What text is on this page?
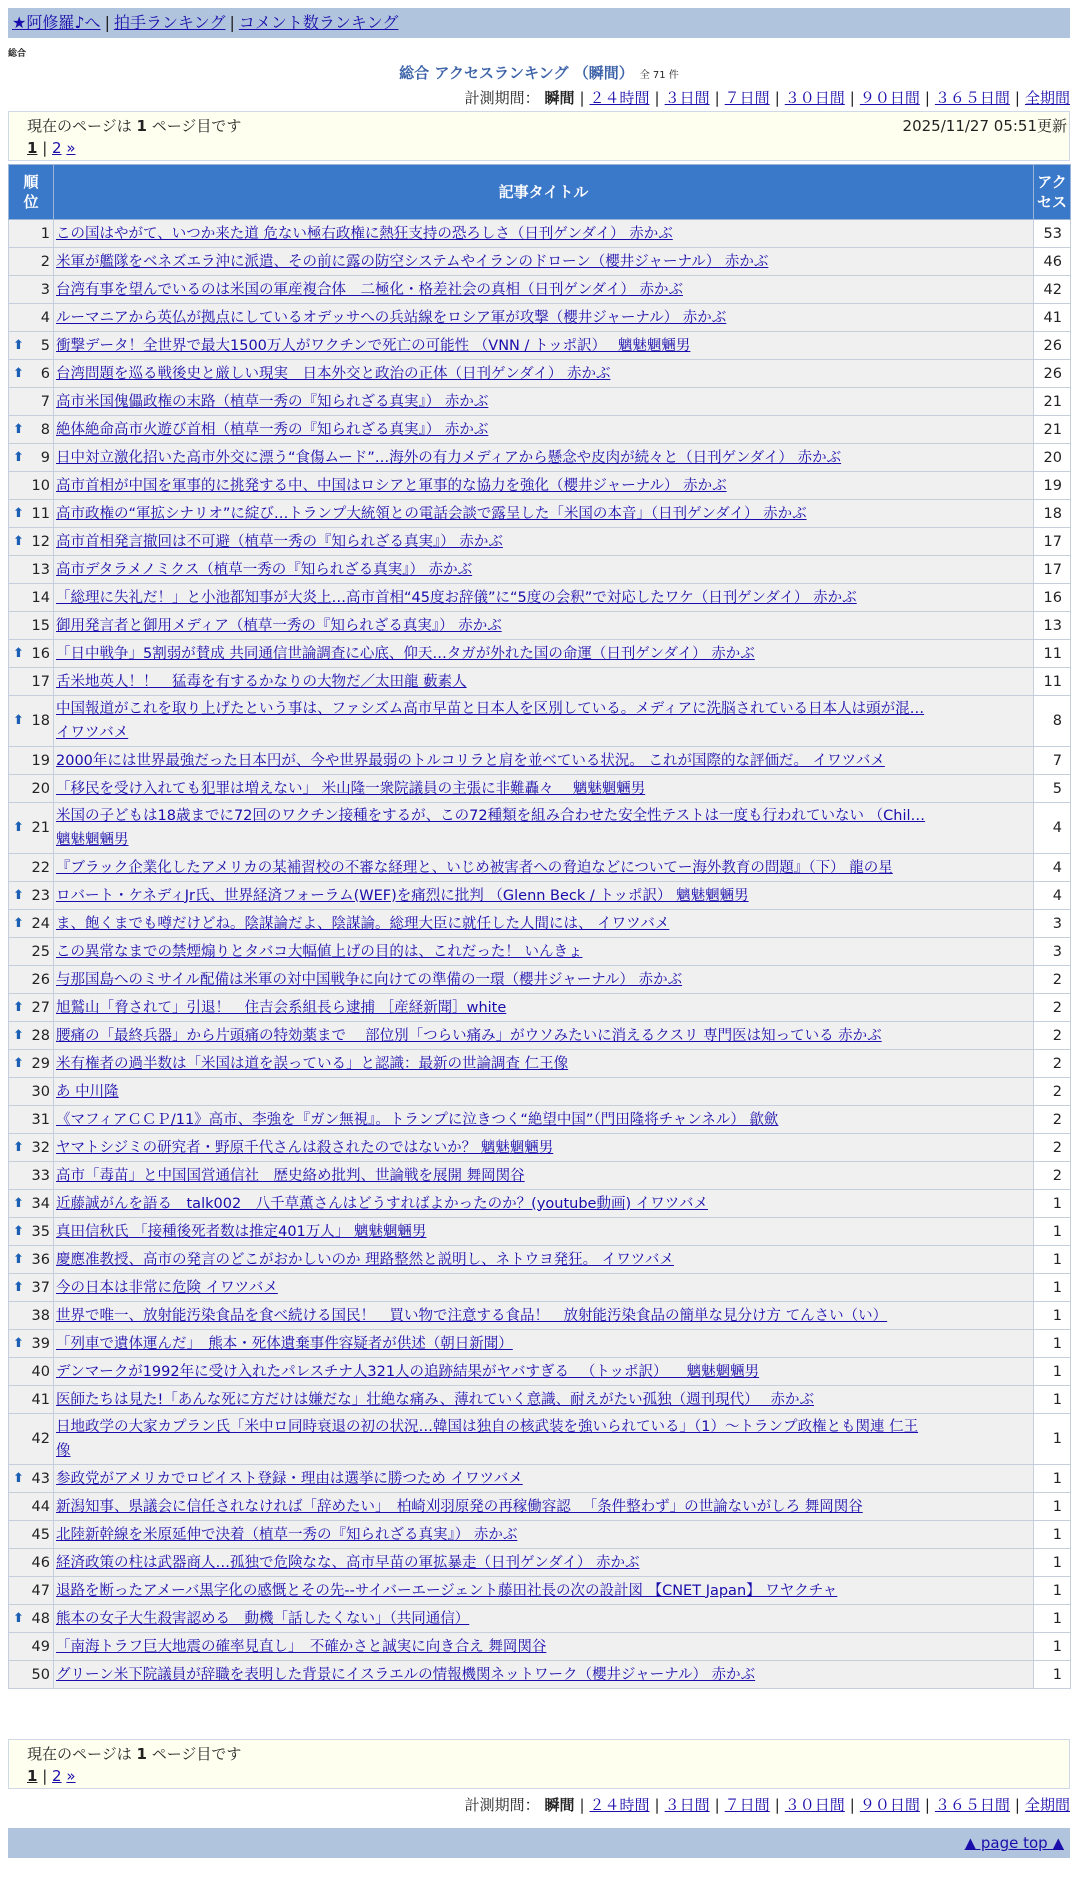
★阿修羅♪へ | 拍手ランキング | コメント数ランキング
総合
総合 アクセスランキング （瞬間） 全 71 件
計測期間： 瞬間 | ２４時間 | ３日間 | ７日間 | ３０日間 | ９０日間 | ３６５日間 | 全期間
現在のページは 1 ページ目です	2025/11/27 05:51更新
1 | 2 »
順位	記事タイトル	アクセス
1	この国はやがて、いつか来た道 危ない極右政権に熱狂支持の恐ろしさ（日刊ゲンダイ） 赤かぶ	53
2	米軍が艦隊をベネズエラ沖に派遣、その前に露の防空システムやイランのドローン（櫻井ジャーナル） 赤かぶ	46
3	台湾有事を望んでいるのは米国の軍産複合体　二極化・格差社会の真相（日刊ゲンダイ） 赤かぶ	42
4	ルーマニアから英仏が拠点にしているオデッサへの兵站線をロシア軍が攻撃（櫻井ジャーナル） 赤かぶ	41

⬆ 5	衝撃データ！全世界で最大1500万人がワクチンで死亡の可能性 （VNN / トッポ訳）　 魑魅魍魎男	26

⬆ 6	台湾問題を巡る戦後史と厳しい現実　日本外交と政治の正体（日刊ゲンダイ） 赤かぶ	26
7	高市米国傀儡政権の末路（植草一秀の『知られざる真実』） 赤かぶ	21

⬆ 8	絶体絶命高市火遊び首相（植草一秀の『知られざる真実』） 赤かぶ	21

⬆ 9	日中対立激化招いた高市外交に漂う“食傷ムード”…海外の有力メディアから懸念や皮肉が続々と（日刊ゲンダイ） 赤かぶ	20
10	高市首相が中国を軍事的に挑発する中、中国はロシアと軍事的な協力を強化（櫻井ジャーナル） 赤かぶ	19

⬆ 11	高市政権の“軍拡シナリオ”に綻び…トランプ大統領との電話会談で露呈した「米国の本音」（日刊ゲンダイ） 赤かぶ	18

⬆ 12	高市首相発言撤回は不可避（植草一秀の『知られざる真実』） 赤かぶ	17
13	高市デタラメノミクス（植草一秀の『知られざる真実』） 赤かぶ	17
14	「総理に失礼だ！」と小池都知事が大炎上…高市首相“45度お辞儀”に“5度の会釈”で対応したワケ（日刊ゲンダイ） 赤かぶ	16
15	御用発言者と御用メディア（植草一秀の『知られざる真実』） 赤かぶ	13

⬆ 16	「日中戦争」5割弱が賛成 共同通信世論調査に心底、仰天…タガが外れた国の命運（日刊ゲンダイ） 赤かぶ	11
17	舌米地英人！！　猛毒を有するかなりの大物だ／太田龍 藪素人	11

⬆ 18	中国報道がこれを取り上げたという事は、ファシズム高市早苗と日本人を区別している。メディアに洗脳されている日本人は頭が混…
イワツバメ	8
19	2000年には世界最強だった日本円が、今や世界最弱のトルコリラと肩を並べている状況。 これが国際的な評価だ。 イワツバメ	7
20	「移民を受け入れても犯罪は増えない」 米山隆一衆院議員の主張に非難轟々 　魑魅魍魎男	5

⬆ 21	米国の子どもは18歳までに72回のワクチン接種をするが、この72種類を組み合わせた安全性テストは一度も行われていない （Chil…
魑魅魍魎男	4
22	『ブラック企業化したアメリカの某補習校の不審な経理と、いじめ被害者への脅迫などについてー海外教育の問題』（下） 龍の星	4

⬆ 23	ロバート・ケネディJr氏、世界経済フォーラム(WEF)を痛烈に批判 （Glenn Beck / トッポ訳） 魑魅魍魎男	4

⬆ 24	ま、飽くまでも噂だけどね。陰謀論だよ、陰謀論。総理大臣に就任した人間には、 イワツバメ	3
25	この異常なまでの禁煙煽りとタバコ大幅値上げの目的は、これだった！ いんきょ	3
26	与那国島へのミサイル配備は米軍の対中国戦争に向けての準備の一環（櫻井ジャーナル） 赤かぶ	2

⬆ 27	旭鷲山「脅されて」引退！　住吉会系組長ら逮捕 ［産経新聞］white	2

⬆ 28	腰痛の「最終兵器」から片頭痛の特効薬まで　 部位別「つらい痛み」がウソみたいに消えるクスリ 専門医は知っている 赤かぶ	2

⬆ 29	米有権者の過半数は「米国は道を誤っている」と認識：最新の世論調査 仁王像	2
30	あ 中川隆	2
31	《マフィアＣＣＰ/11》高市、李強を『ガン無視』。トランプに泣きつく“絶望中国”（門田隆将チャンネル） 歙歛	2

⬆ 32	ヤマトシジミの研究者・野原千代さんは殺されたのではないか？ 魑魅魍魎男	2
33	高市「毒苗」と中国国営通信社　歴史絡め批判、世論戦を展開 舞岡関谷	2

⬆ 34	近藤誠がんを語る　talk002　八千草薫さんはどうすればよかったのか？(youtube動画) イワツバメ	1

⬆ 35	真田信秋氏 「接種後死者数は推定401万人」 魑魅魍魎男	1

⬆ 36	慶應准教授、高市の発言のどこがおかしいのか 理路整然と説明し、ネトウヨ発狂。 イワツバメ	1

⬆ 37	今の日本は非常に危険 イワツバメ	1
38	世界で唯一、放射能汚染食品を食べ続ける国民！　買い物で注意する食品！　放射能汚染食品の簡単な見分け方 てんさい（い）	1

⬆ 39	「列車で遺体運んだ」　熊本・死体遺棄事件容疑者が供述（朝日新聞）	1
40	デンマークが1992年に受け入れたパレスチナ人321人の追跡結果がヤバすぎる 　（トッポ訳） 　魑魅魍魎男	1
41	医師たちは見た!「あんな死に方だけは嫌だな」壮絶な痛み、薄れていく意識、耐えがたい孤独（週刊現代）　 赤かぶ	1
42	日地政学の大家カプラン氏「米中ロ同時衰退の初の状況…韓国は独自の核武装を強いられている」（1）～トランプ政権とも関連 仁王
像	1

⬆ 43	参政党がアメリカでロビイスト登録・理由は選挙に勝つため イワツバメ	1
44	新潟知事、県議会に信任されなければ「辞めたい」　柏崎刈羽原発の再稼働容認 　「条件整わず」の世論ないがしろ 舞岡関谷	1
45	北陸新幹線を米原延伸で決着（植草一秀の『知られざる真実』） 赤かぶ	1
46	経済政策の柱は武器商人…孤独で危険なな、高市早苗の軍拡暴走（日刊ゲンダイ） 赤かぶ	1
47	退路を断ったアメーバ黒字化の感慨とその先--サイバーエージェント藤田社長の次の設計図 【CNET Japan】 ワヤクチャ	1

⬆ 48	熊本の女子大生殺害認める　動機「話したくない」（共同通信）	1
49	「南海トラフ巨大地震の確率見直し」　不確かさと誠実に向き合え 舞岡関谷	1
50	グリーン米下院議員が辞職を表明した背景にイスラエルの情報機関ネットワーク（櫻井ジャーナル） 赤かぶ	1
現在のページは 1 ページ目です
1 | 2 »
計測期間： 瞬間 | ２４時間 | ３日間 | ７日間 | ３０日間 | ９０日間 | ３６５日間 | 全期間
▲ page top ▲
